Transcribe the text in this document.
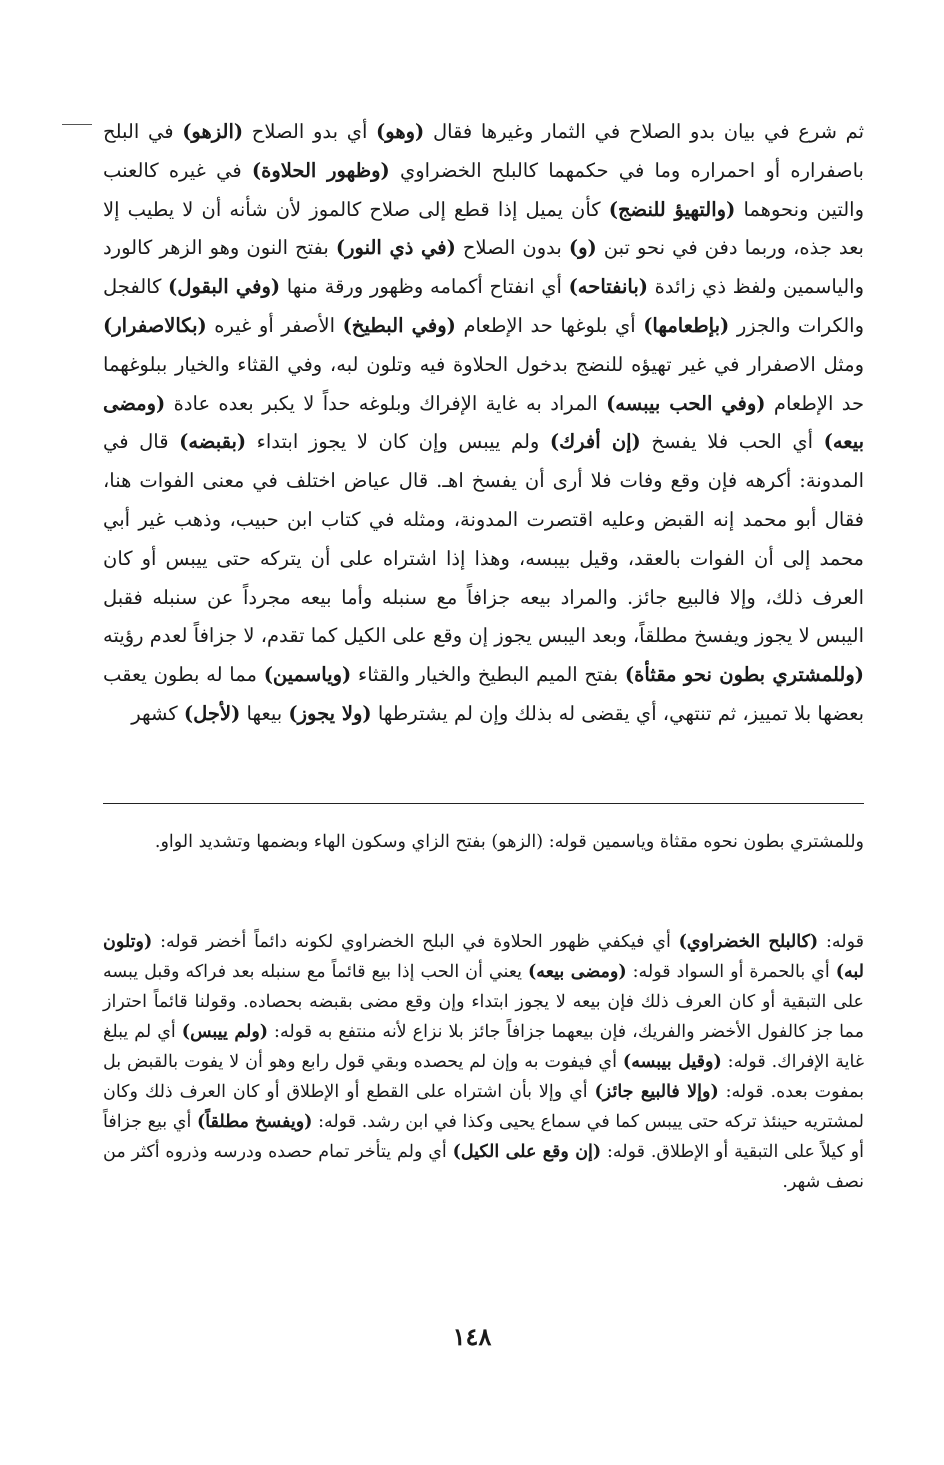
ثم شرع في بيان بدو الصلاح في الثمار وغيرها فقال (وهو) أي بدو الصلاح (الزهو) في البلح باصفراره أو احمراره وما في حكمهما كالبلح الخضراوي (وظهور الحلاوة) في غيره كالعنب والتين ونحوهما (والتهيؤ للنضج) كأن يميل إذا قطع إلى صلاح كالموز لأن شأنه أن لا يطيب إلا بعد جذه، وربما دفن في نحو تبن (و) بدون الصلاح (في ذي النور) بفتح النون وهو الزهر كالورد والياسمين ولفظ ذي زائدة (بانفتاحه) أي انفتاح أكمامه وظهور ورقة منها (وفي البقول) كالفجل والكرات والجزر (بإطعامها) أي بلوغها حد الإطعام (وفي البطيخ) الأصفر أو غيره (بكالاصفرار) ومثل الاصفرار في غير تهيؤه للنضج بدخول الحلاوة فيه وتلون لبه، وفي القثاء والخيار ببلوغهما حد الإطعام (وفي الحب بيبسه) المراد به غاية الإفراك وبلوغه حداً لا يكبر بعده عادة (ومضى بيعه) أي الحب فلا يفسخ (إن أفرك) ولم ييبس وإن كان لا يجوز ابتداء (بقبضه) قال في المدونة: أكرهه فإن وقع وفات فلا أرى أن يفسخ اهـ. قال عياض اختلف في معنى الفوات هنا، فقال أبو محمد إنه القبض وعليه اقتصرت المدونة، ومثله في كتاب ابن حبيب، وذهب غير أبي محمد إلى أن الفوات بالعقد، وقيل بيبسه، وهذا إذا اشتراه على أن يتركه حتى ييبس أو كان العرف ذلك، وإلا فالبيع جائز. والمراد بيعه جزافاً مع سنبله وأما بيعه مجرداً عن سنبله فقبل اليبس لا يجوز ويفسخ مطلقاً، وبعد اليبس يجوز إن وقع على الكيل كما تقدم، لا جزافاً لعدم رؤيته (وللمشتري بطون نحو مقثأة) بفتح الميم البطيخ والخيار والقثاء (وياسمين) مما له بطون يعقب بعضها بلا تمييز، ثم تنتهي، أي يقضى له بذلك وإن لم يشترطها (ولا يجوز) بيعها (لأجل) كشهر

وللمشتري بطون نحوه مقثاة وياسمين قوله: (الزهو) بفتح الزاي وسكون الهاء وبضمها وتشديد الواو.

قوله: (كالبلح الخضراوي) أي فيكفي ظهور الحلاوة في البلح الخضراوي لكونه دائماً أخضر قوله: (وتلون لبه) أي بالحمرة أو السواد قوله: (ومضى بيعه) يعني أن الحب إذا بيع قائماً مع سنبله بعد فراكه وقبل يبسه على التبقية أو كان العرف ذلك فإن بيعه لا يجوز ابتداء وإن وقع مضى بقبضه بحصاده. وقولنا قائماً احتراز مما جز كالفول الأخضر والفريك، فإن بيعهما جزافاً جائز بلا نزاع لأنه منتفع به قوله: (ولم ييبس) أي لم يبلغ غاية الإفراك. قوله: (وقيل بيبسه) أي فيفوت به وإن لم يحصده وبقي قول رابع وهو أن لا يفوت بالقبض بل بمفوت بعده. قوله: (وإلا فالبيع جائز) أي وإلا بأن اشتراه على القطع أو الإطلاق أو كان العرف ذلك وكان لمشتريه حينئذ تركه حتى ييبس كما في سماع يحيى وكذا في ابن رشد. قوله: (ويفسخ مطلقاً) أي بيع جزافاً أو كيلاً على التبقية أو الإطلاق. قوله: (إن وقع على الكيل) أي ولم يتأخر تمام حصده ودرسه وذروه أكثر من نصف شهر.

١٤٨
